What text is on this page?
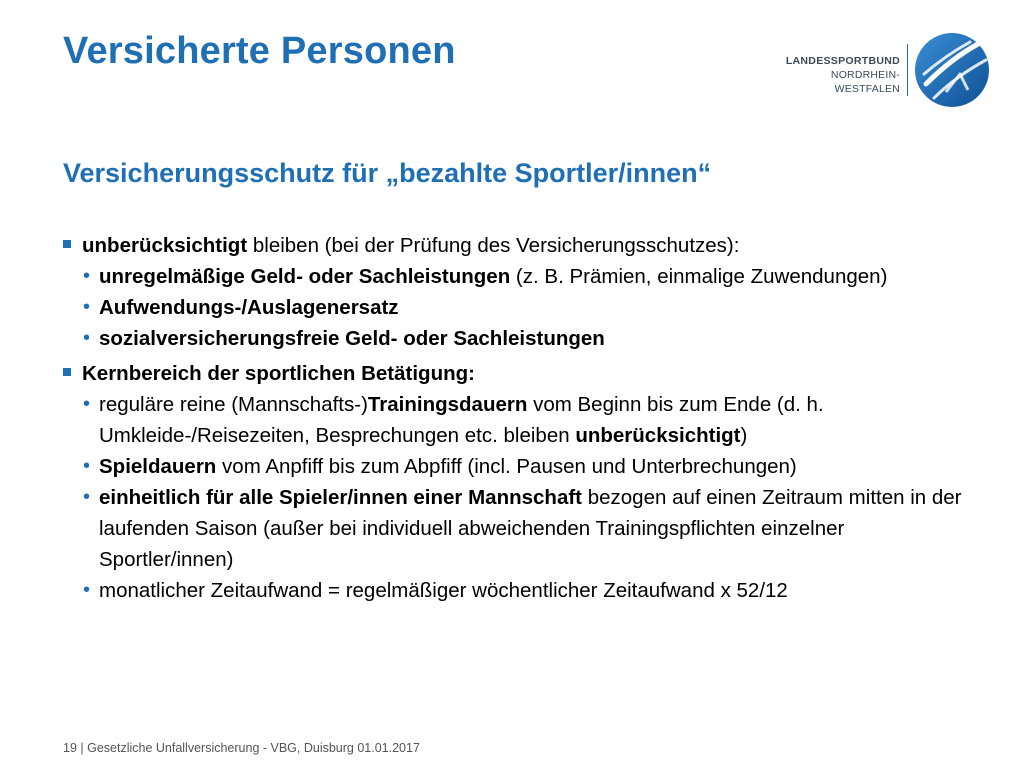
Versicherte Personen	LANDESSPORTBUND
NORDRHEIN-WESTFALEN
Versicherungsschutz für „bezahlte Sportler/innen“
unberücksichtigt bleiben (bei der Prüfung des Versicherungsschutzes):
• unregelmäßige Geld- oder Sachleistungen (z. B. Prämien, einmalige Zuwendungen)
• Aufwendungs-/Auslagenersatz
• sozialversicherungsfreie Geld- oder Sachleistungen
Kernbereich der sportlichen Betätigung:
• reguläre reine (Mannschafts-)Trainingsdauern vom Beginn bis zum Ende (d. h. Umkleide-/Reisezeiten, Besprechungen etc. bleiben unberücksichtigt)
• Spieldauern vom Anpfiff bis zum Abpfiff (incl. Pausen und Unterbrechungen)
• einheitlich für alle Spieler/innen einer Mannschaft bezogen auf einen Zeitraum mitten in der laufenden Saison (außer bei individuell abweichenden Trainingspflichten einzelner Sportler/innen)
• monatlicher Zeitaufwand = regelmäßiger wöchentlicher Zeitaufwand x 52/12
19 | Gesetzliche Unfallversicherung - VBG, Duisburg 01.01.2017
